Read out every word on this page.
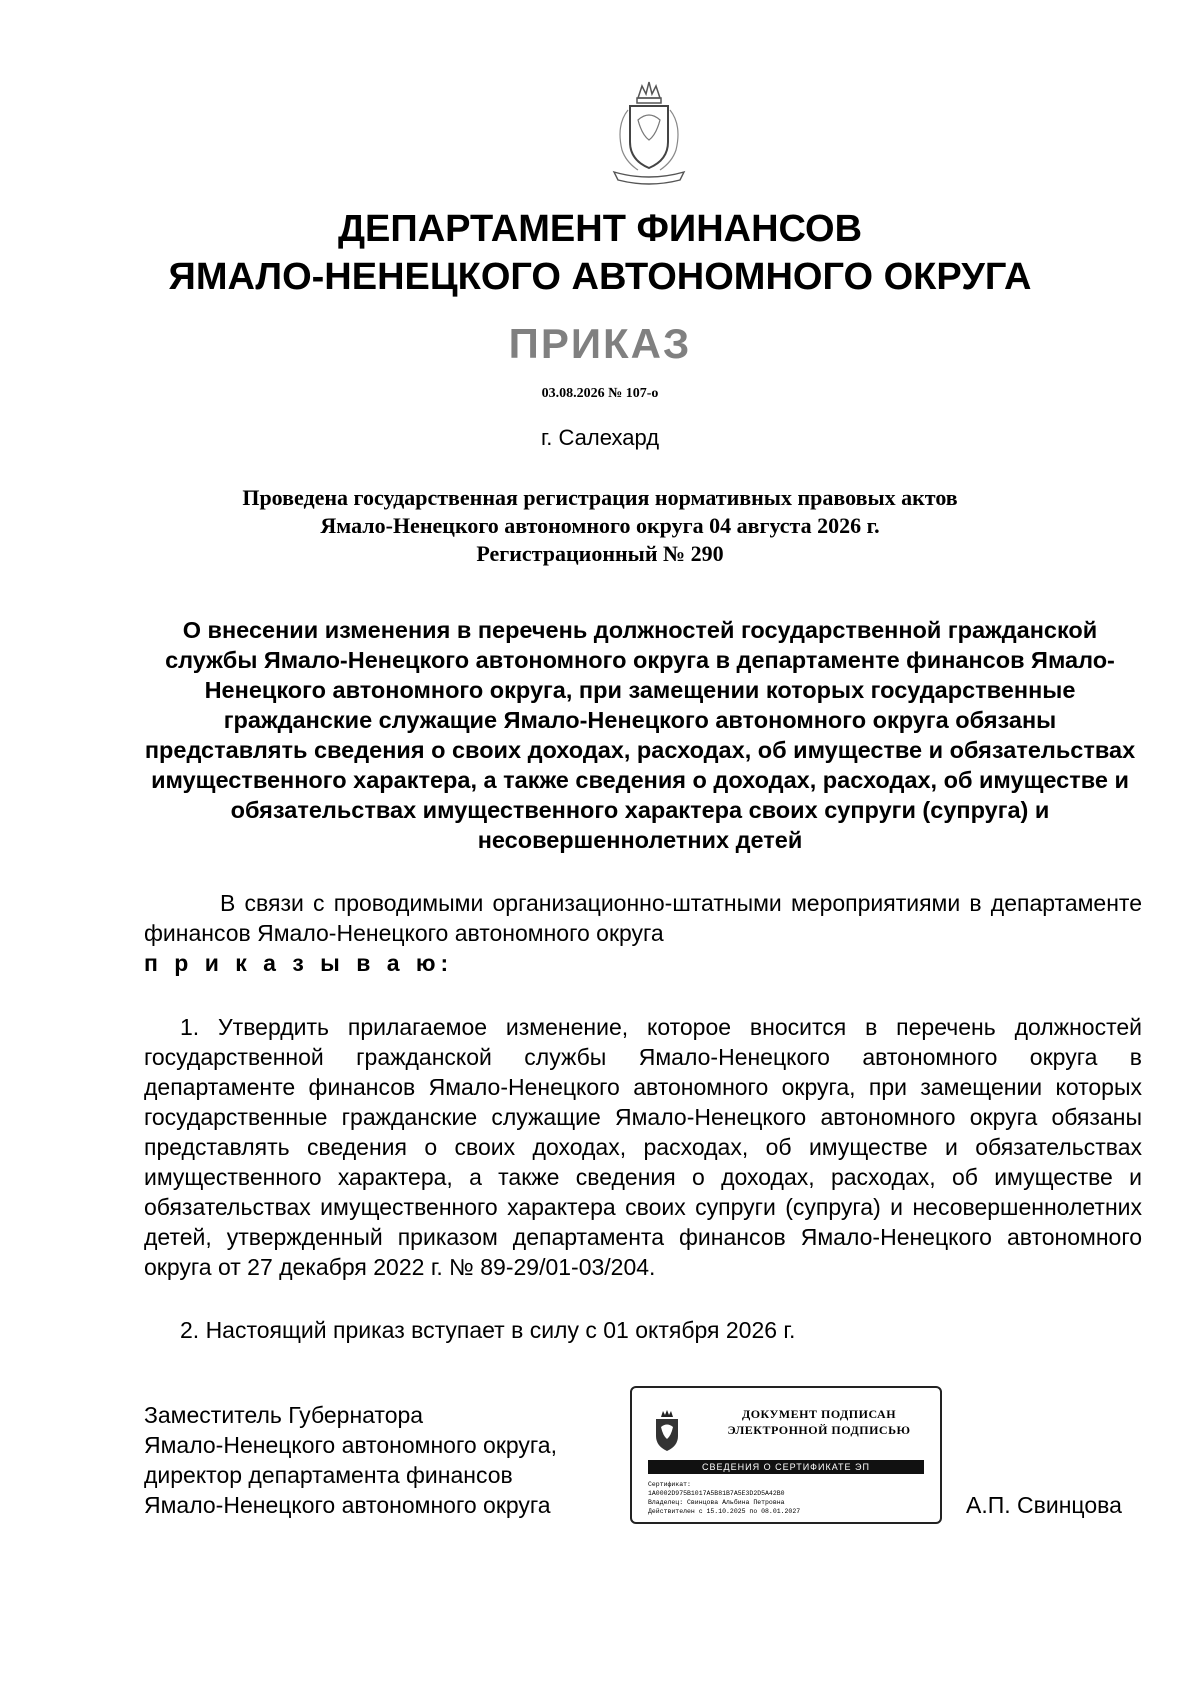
ДЕПАРТАМЕНТ ФИНАНСОВ
ЯМАЛО-НЕНЕЦКОГО АВТОНОМНОГО ОКРУГА
ПРИКАЗ
03.08.2026 № 107-о
г. Салехард
Проведена государственная регистрация нормативных правовых актов
Ямало-Ненецкого автономного округа 04 августа 2026 г.
Регистрационный № 290
О внесении изменения в перечень должностей государственной гражданской службы Ямало-Ненецкого автономного округа в департаменте финансов Ямало-Ненецкого автономного округа, при замещении которых государственные гражданские служащие Ямало-Ненецкого автономного округа обязаны представлять сведения о своих доходах, расходах, об имуществе и обязательствах имущественного характера, а также сведения о доходах, расходах, об имуществе и обязательствах имущественного характера своих супруги (супруга) и несовершеннолетних детей
В связи с проводимыми организационно-штатными мероприятиями в департаменте финансов Ямало-Ненецкого автономного округа
п р и к а з ы в а ю:
1. Утвердить прилагаемое изменение, которое вносится в перечень должностей государственной гражданской службы Ямало-Ненецкого автономного округа в департаменте финансов Ямало-Ненецкого автономного округа, при замещении которых государственные гражданские служащие Ямало-Ненецкого автономного округа обязаны представлять сведения о своих доходах, расходах, об имуществе и обязательствах имущественного характера, а также сведения о доходах, расходах, об имуществе и обязательствах имущественного характера своих супруги (супруга) и несовершеннолетних детей, утвержденный приказом департамента финансов Ямало-Ненецкого автономного округа от 27 декабря 2022 г. № 89-29/01-03/204.
2. Настоящий приказ вступает в силу с 01 октября 2026 г.
Заместитель Губернатора
Ямало-Ненецкого автономного округа,
директор департамента финансов
Ямало-Ненецкого автономного округа
ДОКУМЕНТ ПОДПИСАН
ЭЛЕКТРОННОЙ ПОДПИСЬЮ
СВЕДЕНИЯ О СЕРТИФИКАТЕ ЭП
Сертификат:
1A0002D975B1017A5B81B7A5E3D2D5A42B0
Владелец: Свинцова Альбина Петровна
Действителен с 15.10.2025 по 08.01.2027	А.П. Свинцова
